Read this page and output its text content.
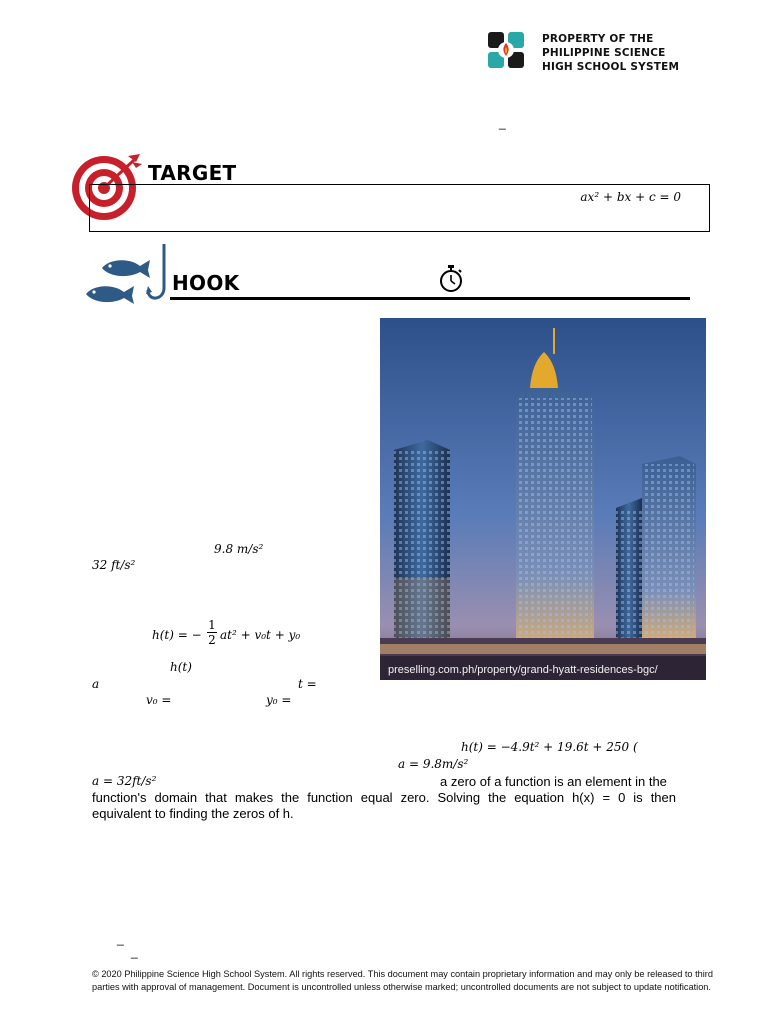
PROPERTY OF THE
PHILIPPINE SCIENCE
HIGH SCHOOL SYSTEM
_
TARGET
ax² + bx + c = 0
HOOK
preselling.com.ph/property/grand-hyatt-residences-bgc/
9.8 m/s²
32 ft/s²
h(t) = − $\frac{1}{2} at^2 + v_0t + y_0$
h(t)
a	t =
v₀ =	y₀ =
h(t) = −4.9t² + 19.6t + 250 (
a = 9.8m/s²
a = 32ft/s²	a zero of a function is an element in the
function's domain that makes the function equal zero. Solving the equation h(x) = 0 is then
equivalent to finding the zeros of h.
_
_
© 2020 Philippine Science High School System. All rights reserved. This document may contain proprietary information and may only be released to third parties with approval of management. Document is uncontrolled unless otherwise marked; uncontrolled documents are not subject to update notification.
